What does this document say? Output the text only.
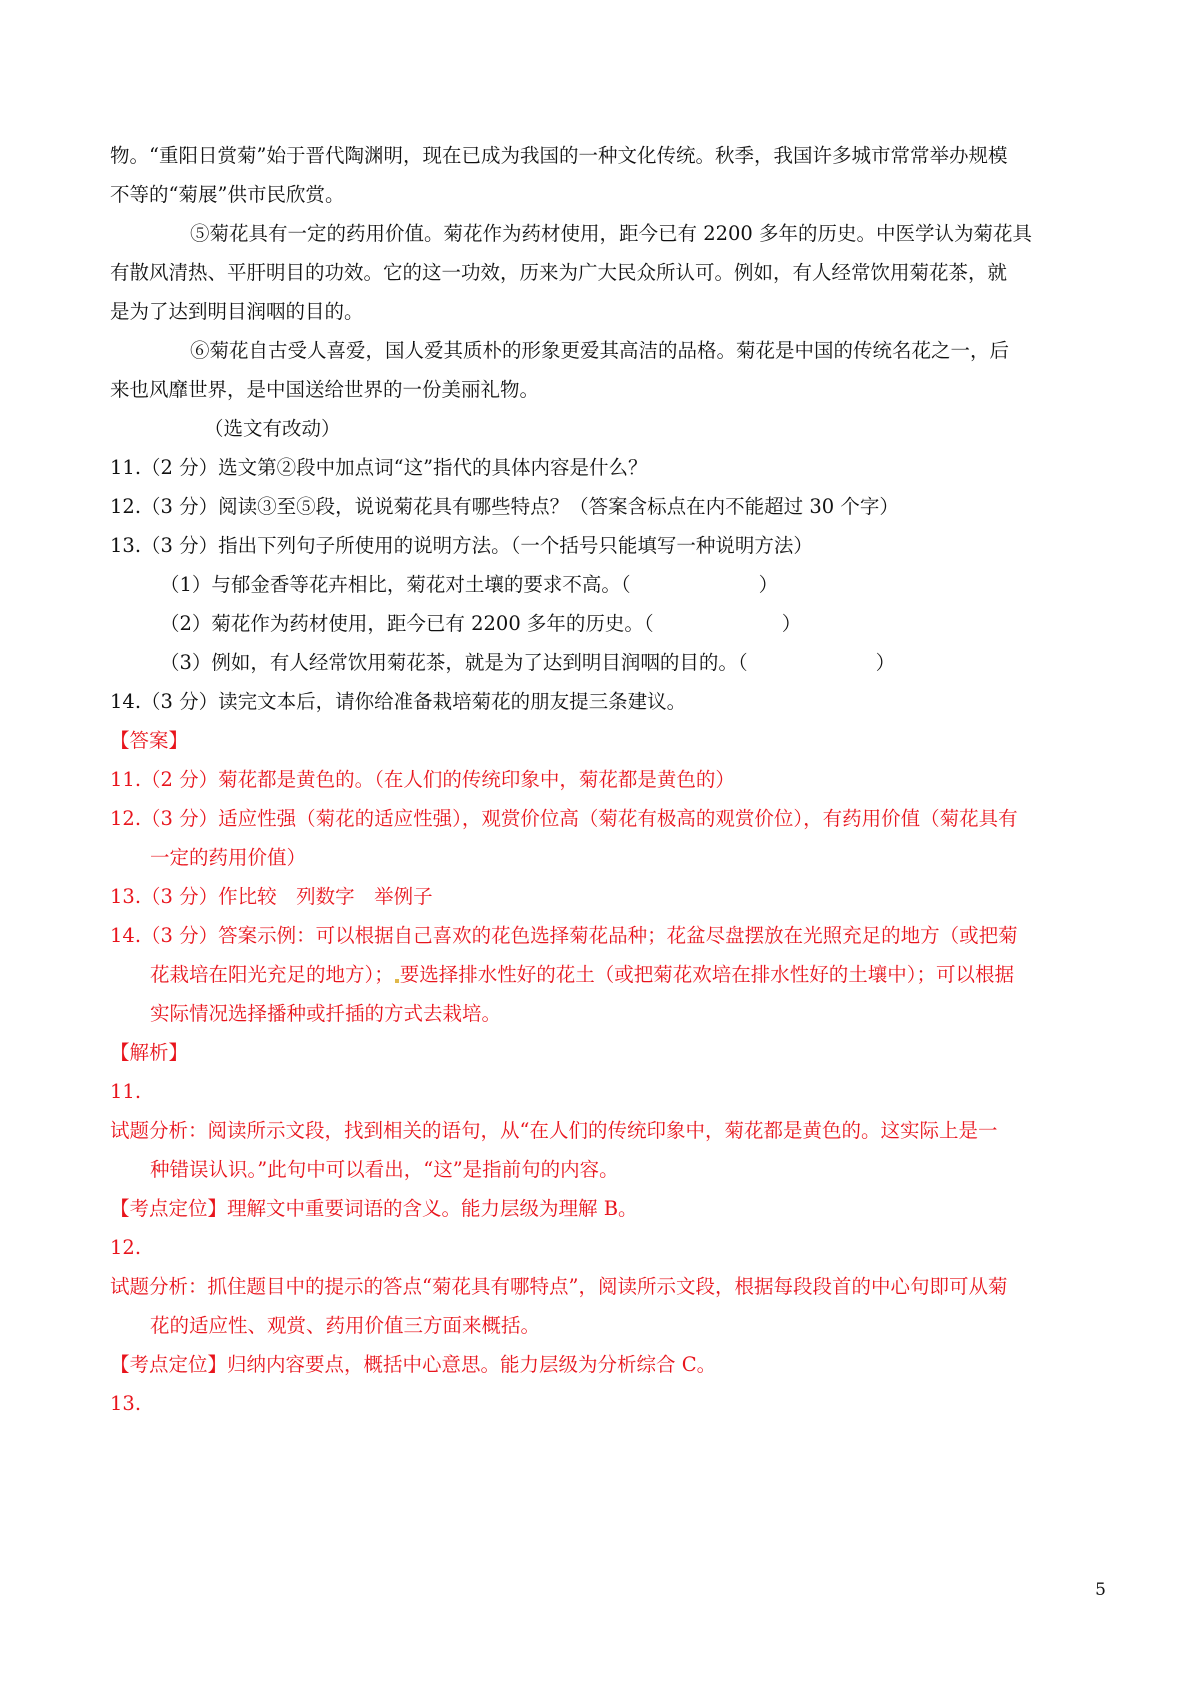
物。“重阳日赏菊”始于晋代陶渊明，现在已成为我国的一种文化传统。秋季，我国许多城市常常举办规模
不等的“菊展”供市民欣赏。
⑤菊花具有一定的药用价值。菊花作为药材使用，距今已有 2200 多年的历史。中医学认为菊花具
有散风清热、平肝明目的功效。它的这一功效，历来为广大民众所认可。例如，有人经常饮用菊花茶，就
是为了达到明目润咽的目的。
⑥菊花自古受人喜爱，国人爱其质朴的形象更爱其高洁的品格。菊花是中国的传统名花之一，后
来也风靡世界，是中国送给世界的一份美丽礼物。
（选文有改动）
11.（2 分）选文第②段中加点词“这”指代的具体内容是什么？
12.（3 分）阅读③至⑤段，说说菊花具有哪些特点？（答案含标点在内不能超过 30 个字）
13.（3 分）指出下列句子所使用的说明方法。（一个括号只能填写一种说明方法）
（1）与郁金香等花卉相比，菊花对土壤的要求不高。（	）
（2）菊花作为药材使用，距今已有 2200 多年的历史。（	）
（3）例如，有人经常饮用菊花茶，就是为了达到明目润咽的目的。（	）
14.（3 分）读完文本后，请你给准备栽培菊花的朋友提三条建议。
【答案】
11.（2 分）菊花都是黄色的。（在人们的传统印象中，菊花都是黄色的）
12.（3 分）适应性强（菊花的适应性强），观赏价位高（菊花有极高的观赏价位），有药用价值（菊花具有
一定的药用价值）
13.（3 分）作比较　列数字　举例子
14.（3 分）答案示例：可以根据自己喜欢的花色选择菊花品种；花盆尽盘摆放在光照充足的地方（或把菊
花栽培在阳光充足的地方）； 要选择排水性好的花土（或把菊花欢培在排水性好的土壤中）；可以根据
实际情况选择播种或扦插的方式去栽培。
【解析】
11.
试题分析：阅读所示文段，找到相关的语句，从“在人们的传统印象中，菊花都是黄色的。这实际上是一
种错误认识。”此句中可以看出，“这”是指前句的内容。
【考点定位】理解文中重要词语的含义。能力层级为理解 B。
12.
试题分析：抓住题目中的提示的答点“菊花具有哪特点”，阅读所示文段，根据每段段首的中心句即可从菊
花的适应性、观赏、药用价值三方面来概括。
【考点定位】归纳内容要点，概括中心意思。能力层级为分析综合 C。
13.
5
